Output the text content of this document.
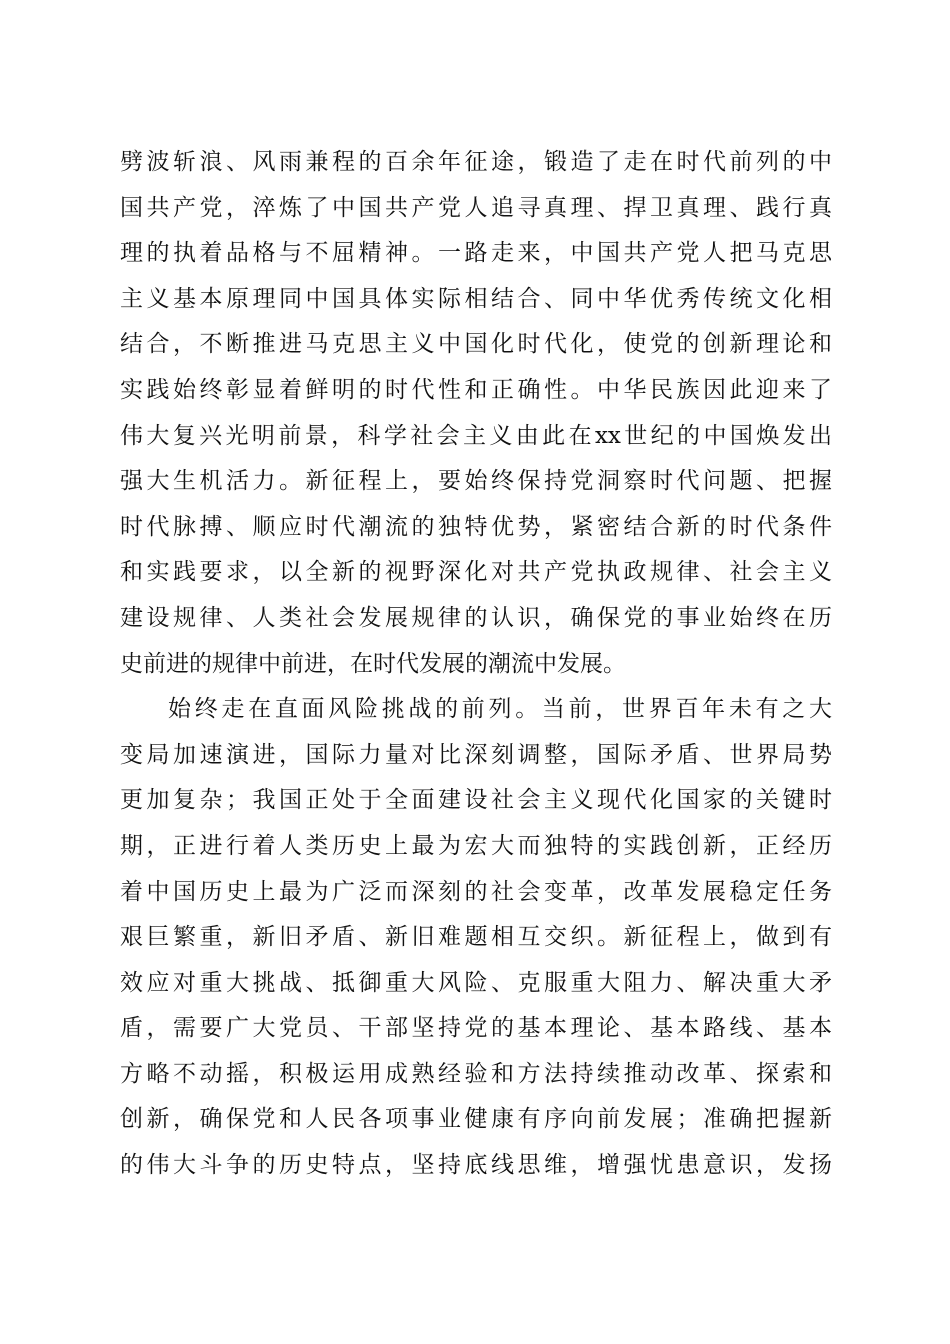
劈波斩浪、风雨兼程的百余年征途，锻造了走在时代前列的中
国共产党，淬炼了中国共产党人追寻真理、捍卫真理、践行真
理的执着品格与不屈精神。一路走来，中国共产党人把马克思
主义基本原理同中国具体实际相结合、同中华优秀传统文化相
结合，不断推进马克思主义中国化时代化，使党的创新理论和
实践始终彰显着鲜明的时代性和正确性。中华民族因此迎来了
伟大复兴光明前景，科学社会主义由此在xx世纪的中国焕发出
强大生机活力。新征程上，要始终保持党洞察时代问题、把握
时代脉搏、顺应时代潮流的独特优势，紧密结合新的时代条件
和实践要求，以全新的视野深化对共产党执政规律、社会主义
建设规律、人类社会发展规律的认识，确保党的事业始终在历
史前进的规律中前进，在时代发展的潮流中发展。
始终走在直面风险挑战的前列。当前，世界百年未有之大
变局加速演进，国际力量对比深刻调整，国际矛盾、世界局势
更加复杂；我国正处于全面建设社会主义现代化国家的关键时
期，正进行着人类历史上最为宏大而独特的实践创新，正经历
着中国历史上最为广泛而深刻的社会变革，改革发展稳定任务
艰巨繁重，新旧矛盾、新旧难题相互交织。新征程上，做到有
效应对重大挑战、抵御重大风险、克服重大阻力、解决重大矛
盾，需要广大党员、干部坚持党的基本理论、基本路线、基本
方略不动摇，积极运用成熟经验和方法持续推动改革、探索和
创新，确保党和人民各项事业健康有序向前发展；准确把握新
的伟大斗争的历史特点，坚持底线思维，增强忧患意识，发扬
